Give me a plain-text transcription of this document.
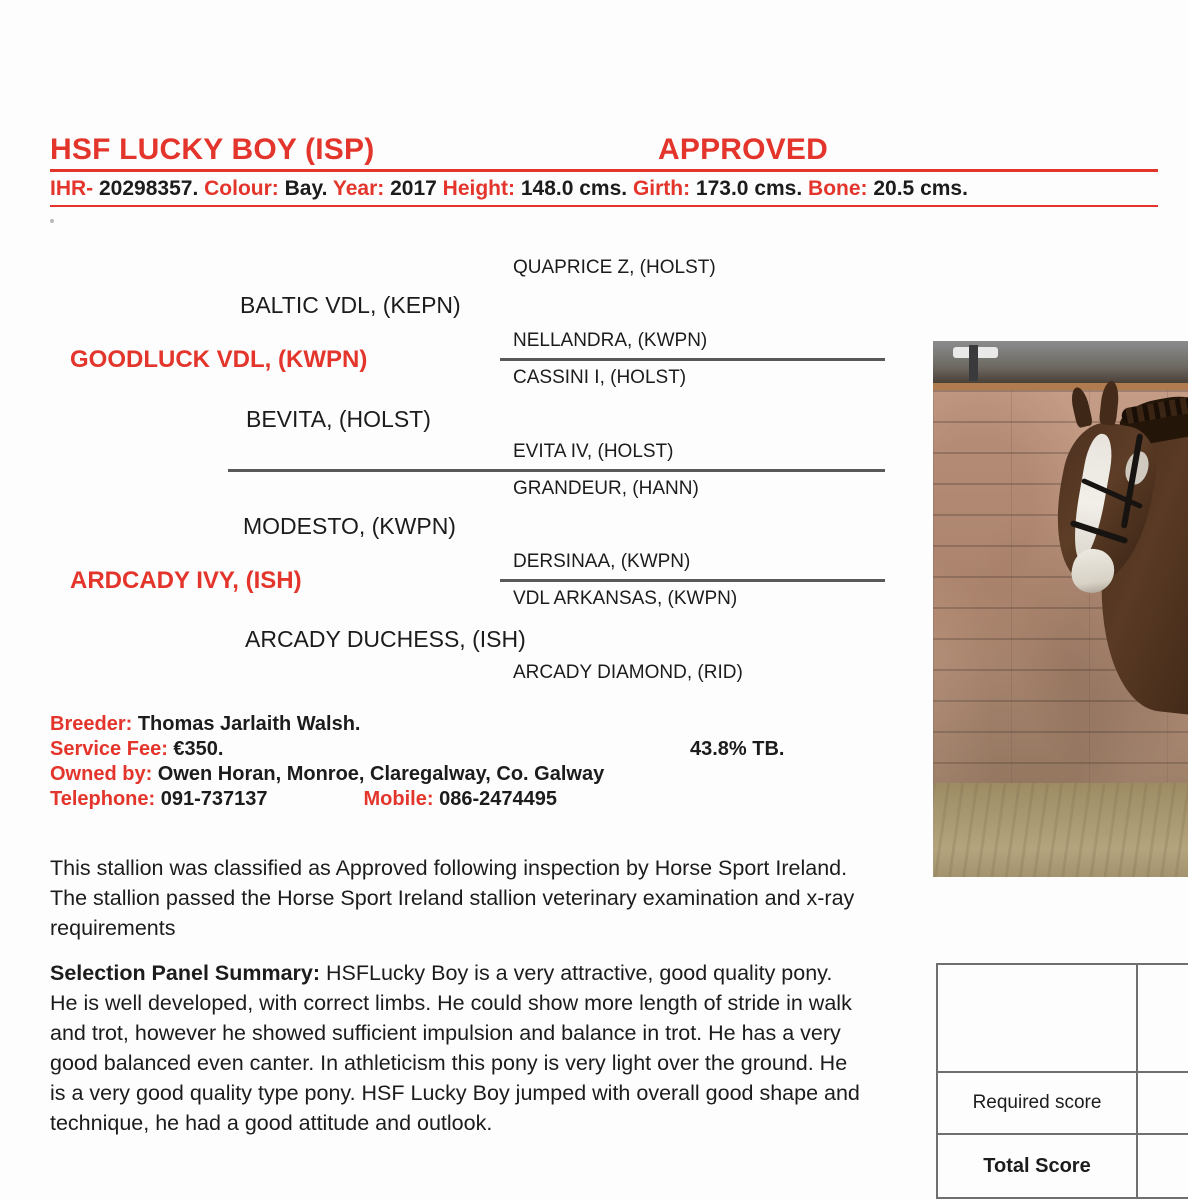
HSF LUCKY BOY (ISP)	APPROVED
IHR- 20298357. Colour: Bay. Year: 2017 Height: 148.0 cms. Girth: 173.0 cms. Bone: 20.5 cms.
QUAPRICE Z, (HOLST)
BALTIC VDL, (KEPN)
NELLANDRA, (KWPN)
GOODLUCK VDL, (KWPN)
CASSINI I, (HOLST)
BEVITA, (HOLST)
EVITA IV, (HOLST)
GRANDEUR, (HANN)
MODESTO, (KWPN)
DERSINAA, (KWPN)
ARDCADY IVY, (ISH)
VDL ARKANSAS, (KWPN)
ARCADY DUCHESS, (ISH)
ARCADY DIAMOND, (RID)
Breeder: Thomas Jarlaith Walsh.
Service Fee: €350.	43.8% TB.
Owned by: Owen Horan, Monroe, Claregalway, Co. Galway
Telephone: 091-737137	Mobile: 086-2474495
This stallion was classified as Approved following inspection by Horse Sport Ireland. The stallion passed the Horse Sport Ireland stallion veterinary examination and x-ray requirements
Selection Panel Summary: HSFLucky Boy is a very attractive, good quality pony. He is well developed, with correct limbs. He could show more length of stride in walk and trot, however he showed sufficient impulsion and balance in trot. He has a very good balanced even canter. In athleticism this pony is very light over the ground. He is a very good quality type pony. HSF Lucky Boy jumped with overall good shape and technique, he had a good attitude and outlook.
Required score
Total Score
